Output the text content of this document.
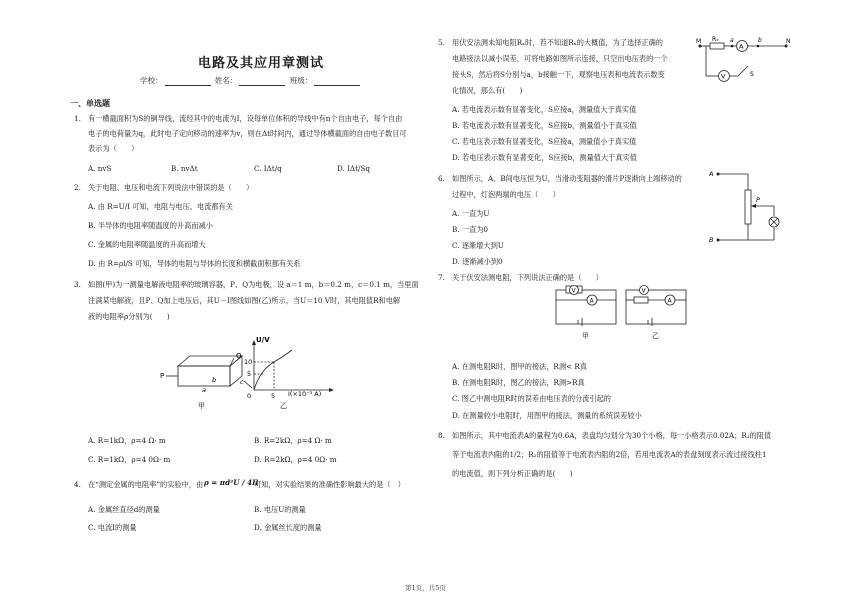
电路及其应用章测试
学校：	姓名：	班级：
一、单选题
1. 有一横截面积为S的铜导线，流经其中的电流为I，设每单位体积的导线中有n个自由电子，每个自由
电子的电荷量为q，此时电子定向移动的速率为v，则在Δt时间内，通过导体横截面的自由电子数目可
表示为（　　）
A. nvS	B. nvΔt	C. IΔt/q	D. IΔt/Sq
2. 关于电阻、电压和电流下列说法中错误的是（　　）
A. 由 R=U/I 可知，电阻与电压、电流都有关
B. 半导体的电阻率随温度的升高而减小
C. 金属的电阻率随温度的升高而增大
D. 由 R=ρl/S 可知，导体的电阻与导体的长度和横截面积都有关系
3. 如图(甲)为一测量电解液电阻率的玻璃容器，P、Q为电极，设 a＝1 m，b＝0.2 m，c＝0.1 m，当里面
注满某电解液，且P、Q加上电压后，其U－I图线如图(乙)所示，当U＝10 V时，其电阻值R和电解
液的电阻率ρ分别为(　　)
P
Q
a
b	c
U/V
10
5
0	5 I(×10⁻³ A)
甲	乙
A. R=1kΩ，ρ=4 Ω· m	B. R=2kΩ，ρ=4 Ω· m
C. R=1kΩ，ρ=4 0Ω· m	D. R=2kΩ，ρ=4 0Ω· m
4. 在“测定金属的电阻率”的实验中，由 ρ = πd²U / 4Il
可知，对实验结果的准确性影响最大的是（　）
A. 金属丝直径d的测量	B. 电压U的测量
C. 电流I的测量	D. 金属丝长度的测量
5. 用伏安法测未知电阻Rₓ时，若不知道Rₓ的大概值，为了选择正确的
电路接法以减小误差，可将电路如图所示连接，只空出电压表的一个
接头S，然后将S分别与a，b接触一下，观察电压表和电流表示数变
化情况，那么有(　　)
M	N
Rₓ
A
V
a	b
S
A. 若电流表示数有显著变化，S应接a，测量值大于真实值
B. 若电流表示数有显著变化，S应接b，测量值小于真实值
C. 若电压表示数有显著变化，S应接a，测量值小于真实值
D. 若电压表示数有显著变化，S应接b，测量值大于真实值
6. 如图所示，A、B间电压恒为U，当滑动变阻器的滑片P逐渐向上端移动的
过程中，灯泡两端的电压（　　）
A. 一直为U
B. 一直为0
C. 逐渐增大到U
D. 逐渐减小到0
A
B
P
7. 关于伏安法测电阻，下列说法正确的是（　　）
A
V
A
V
甲	乙
A. 在测电阻R时，图甲的接法，R测< R真
B. 在测电阻R时，图乙的接法，R测>R真
C. 图乙中测电阻R时的误差由电压表的分流引起的
D. 在测量较小电阻时，用图甲的接法，测量的系统误差较小
8. 如图所示，其中电流表A的量程为0.6A，表盘均匀划分为30个小格，每一小格表示0.02A；R₁的阻值
等于电流表内阻的1/2；R₂的阻值等于电流表内阻的2倍，若用电流表A的表盘刻度表示流过接线柱1
的电流值，则下列分析正确的是(　　)
第1页，共5页
